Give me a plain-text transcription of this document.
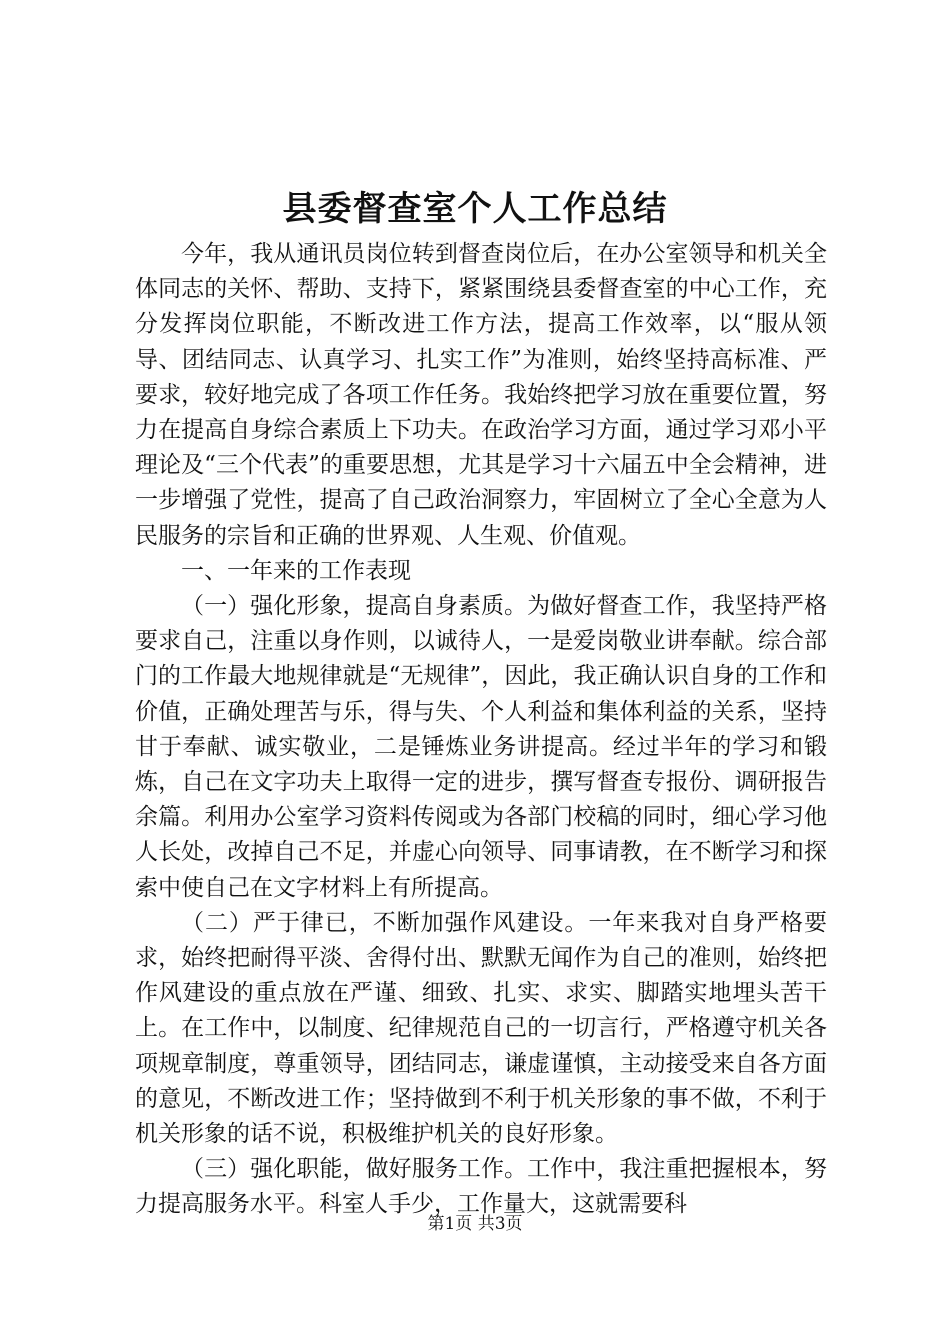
县委督查室个人工作总结

今年，我从通讯员岗位转到督查岗位后，在办公室领导和机关全体同志的关怀、帮助、支持下，紧紧围绕县委督查室的中心工作，充分发挥岗位职能，不断改进工作方法，提高工作效率，以“服从领导、团结同志、认真学习、扎实工作”为准则，始终坚持高标准、严要求，较好地完成了各项工作任务。我始终把学习放在重要位置，努力在提高自身综合素质上下功夫。在政治学习方面，通过学习邓小平理论及“三个代表”的重要思想，尤其是学习十六届五中全会精神，进一步增强了党性，提高了自己政治洞察力，牢固树立了全心全意为人民服务的宗旨和正确的世界观、人生观、价值观。

一、一年来的工作表现

（一）强化形象，提高自身素质。为做好督查工作，我坚持严格要求自己，注重以身作则，以诚待人，一是爱岗敬业讲奉献。综合部门的工作最大地规律就是“无规律”，因此，我正确认识自身的工作和价值，正确处理苦与乐，得与失、个人利益和集体利益的关系，坚持甘于奉献、诚实敬业，二是锤炼业务讲提高。经过半年的学习和锻炼，自己在文字功夫上取得一定的进步，撰写督查专报份、调研报告余篇。利用办公室学习资料传阅或为各部门校稿的同时，细心学习他人长处，改掉自己不足，并虚心向领导、同事请教，在不断学习和探索中使自己在文字材料上有所提高。

（二）严于律已，不断加强作风建设。一年来我对自身严格要求，始终把耐得平淡、舍得付出、默默无闻作为自己的准则，始终把作风建设的重点放在严谨、细致、扎实、求实、脚踏实地埋头苦干上。在工作中，以制度、纪律规范自己的一切言行，严格遵守机关各项规章制度，尊重领导，团结同志，谦虚谨慎，主动接受来自各方面的意见，不断改进工作；坚持做到不利于机关形象的事不做，不利于机关形象的话不说，积极维护机关的良好形象。

（三）强化职能，做好服务工作。工作中，我注重把握根本，努力提高服务水平。科室人手少，工作量大，这就需要科

第1页 共3页
